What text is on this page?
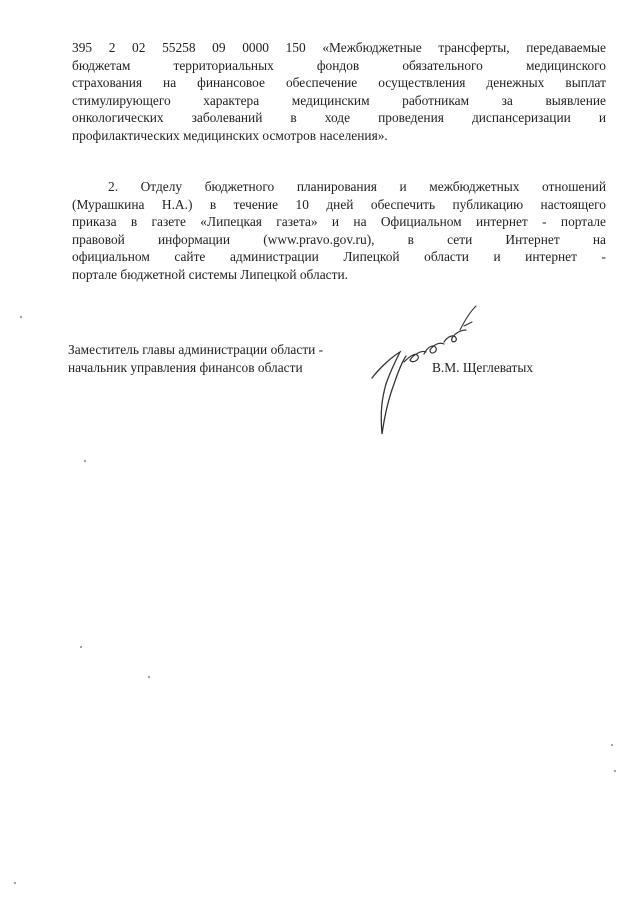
395 2 02 55258 09 0000 150 «Межбюджетные трансферты, передаваемые
бюджетам территориальных фондов обязательного медицинского
страхования на финансовое обеспечение осуществления денежных выплат
стимулирующего характера медицинским работникам за выявление
онкологических заболеваний в ходе проведения диспансеризации и
профилактических медицинских осмотров населения».

2. Отделу бюджетного планирования и межбюджетных отношений
(Мурашкина Н.А.) в течение 10 дней обеспечить публикацию настоящего
приказа в газете «Липецкая газета» и на Официальном интернет - портале
правовой информации (www.pravo.gov.ru), в сети Интернет на
официальном сайте администрации Липецкой области и интернет -
портале бюджетной системы Липецкой области.

Заместитель главы администрации области -
начальник управления финансов области	В.М. Щеглеватых
